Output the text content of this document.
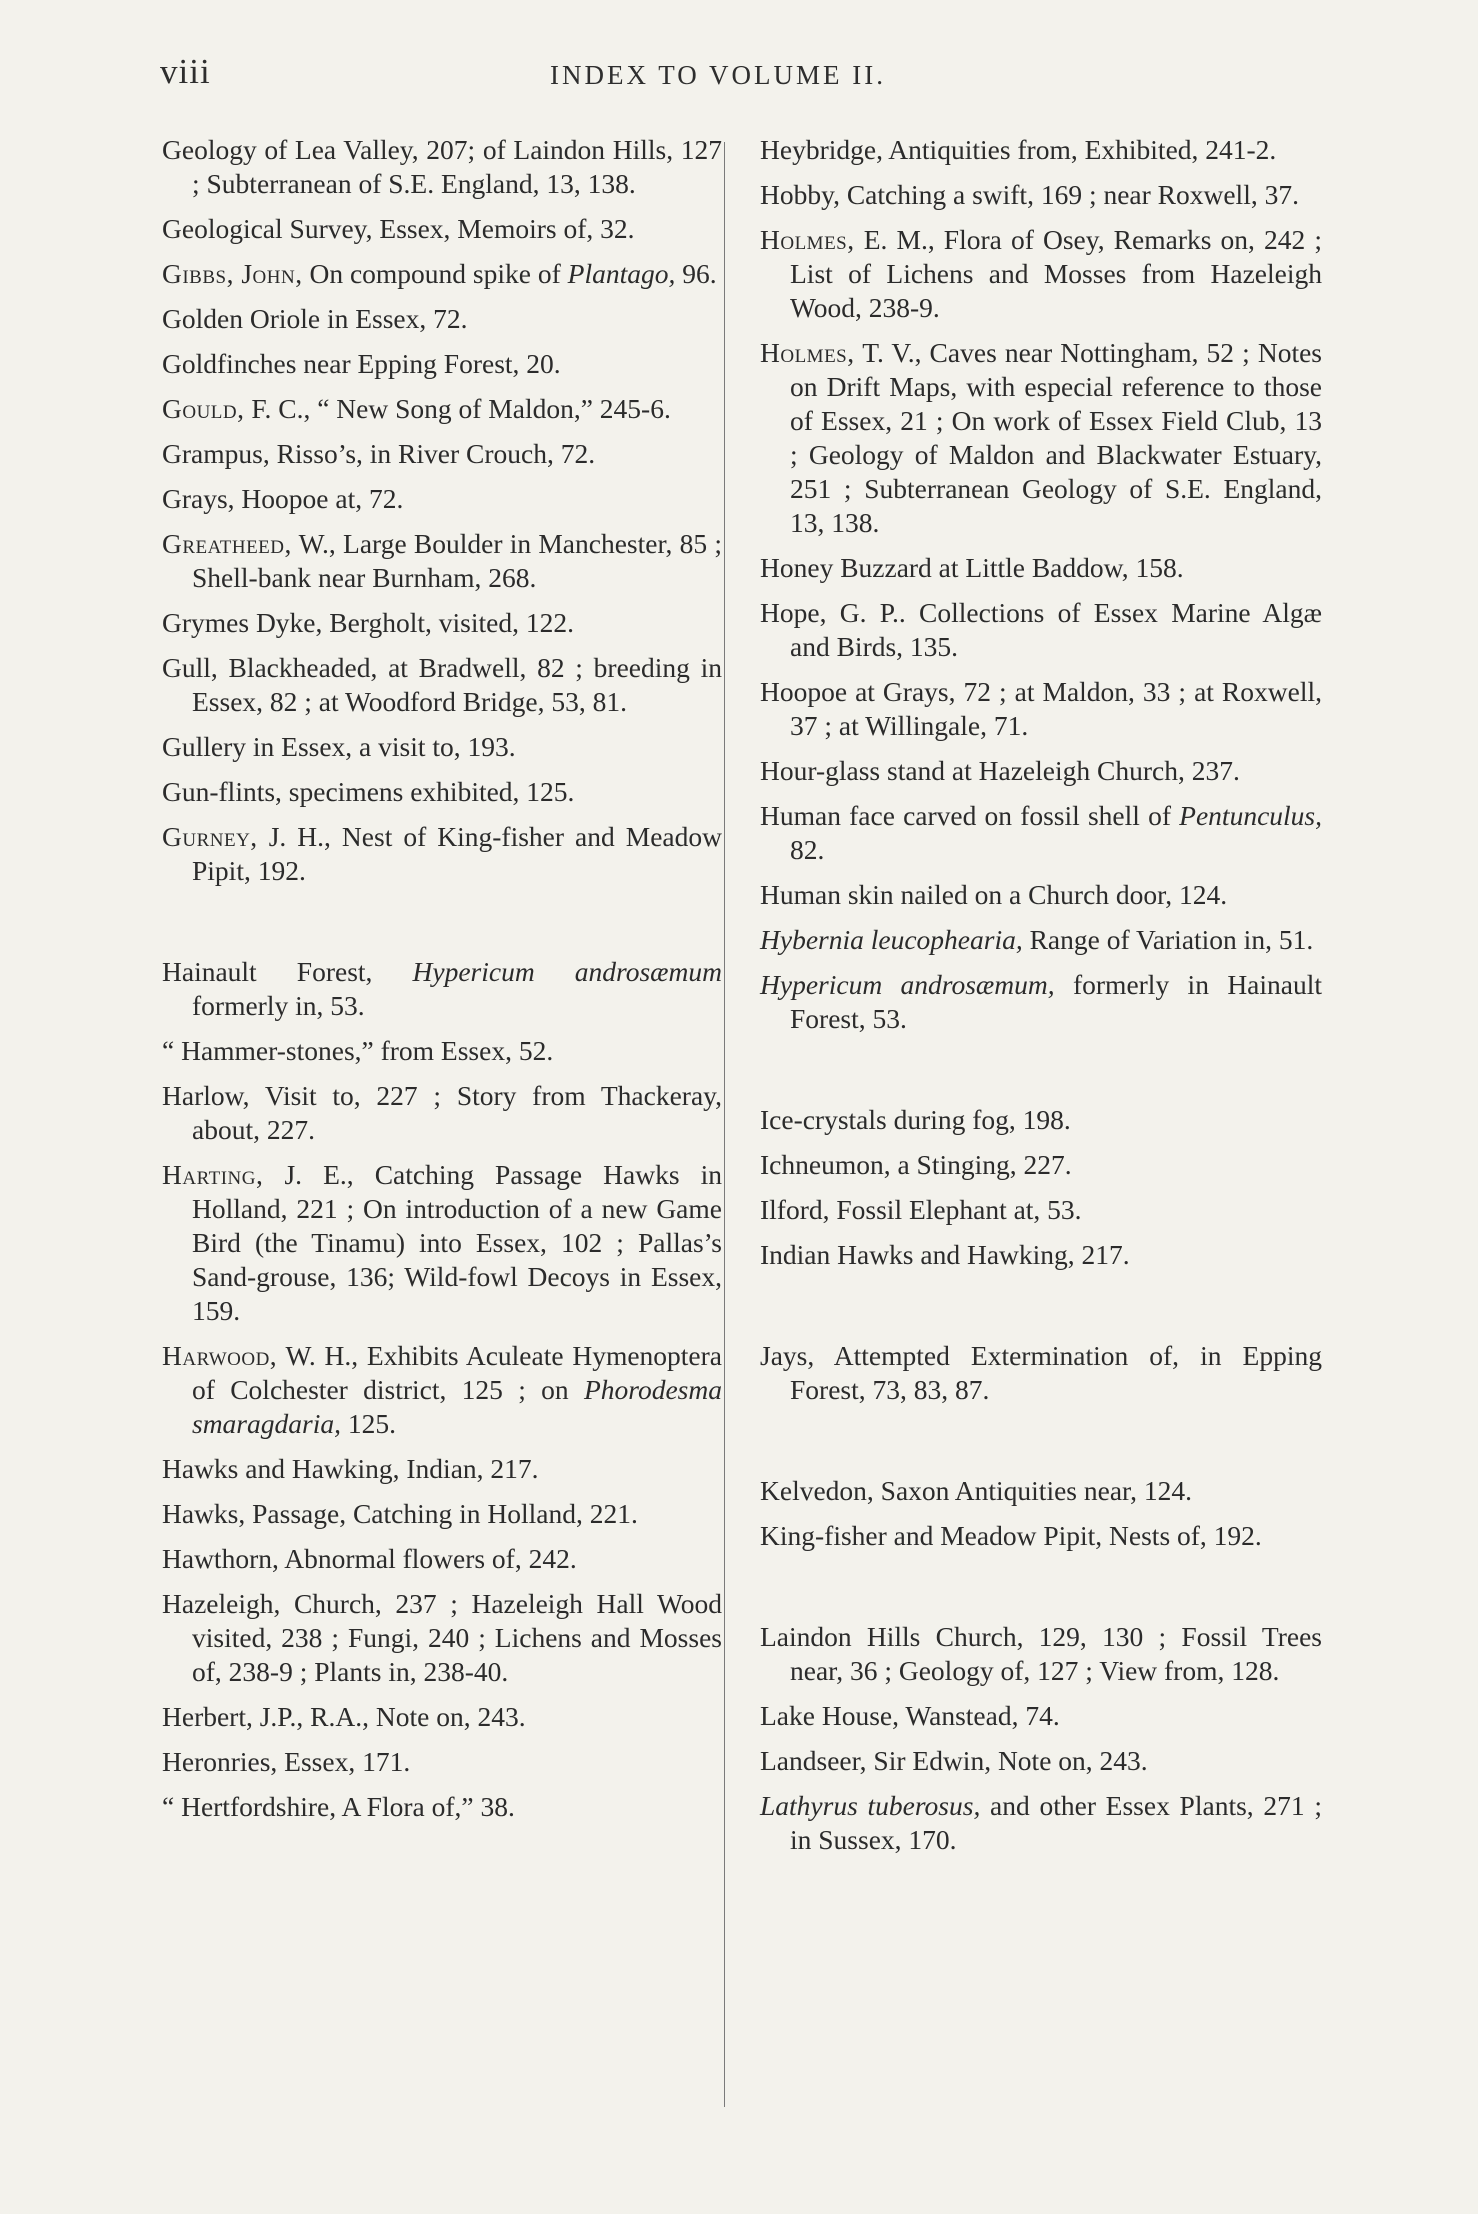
viii	INDEX TO VOLUME II.
Geology of Lea Valley, 207; of Laindon Hills, 127 ; Subterranean of S.E. England, 13, 138.
Geological Survey, Essex, Memoirs of, 32.
Gibbs, John, On compound spike of Plantago, 96.
Golden Oriole in Essex, 72.
Goldfinches near Epping Forest, 20.
Gould, F. C., “ New Song of Maldon,” 245-6.
Grampus, Risso’s, in River Crouch, 72.
Grays, Hoopoe at, 72.
Greatheed, W., Large Boulder in Manchester, 85 ; Shell-bank near Burnham, 268.
Grymes Dyke, Bergholt, visited, 122.
Gull, Blackheaded, at Bradwell, 82 ; breeding in Essex, 82 ; at Woodford Bridge, 53, 81.
Gullery in Essex, a visit to, 193.
Gun-flints, specimens exhibited, 125.
Gurney, J. H., Nest of King-fisher and Meadow Pipit, 192.
Hainault Forest, Hypericum androsæmum formerly in, 53.
“ Hammer-stones,” from Essex, 52.
Harlow, Visit to, 227 ; Story from Thackeray, about, 227.
Harting, J. E., Catching Passage Hawks in Holland, 221 ; On introduction of a new Game Bird (the Tinamu) into Essex, 102 ; Pallas’s Sand-grouse, 136; Wild-fowl Decoys in Essex, 159.
Harwood, W. H., Exhibits Aculeate Hymenoptera of Colchester district, 125 ; on Phorodesma smaragdaria, 125.
Hawks and Hawking, Indian, 217.
Hawks, Passage, Catching in Holland, 221.
Hawthorn, Abnormal flowers of, 242.
Hazeleigh, Church, 237 ; Hazeleigh Hall Wood visited, 238 ; Fungi, 240 ; Lichens and Mosses of, 238-9 ; Plants in, 238-40.
Herbert, J.P., R.A., Note on, 243.
Heronries, Essex, 171.
“ Hertfordshire, A Flora of,” 38.
Heybridge, Antiquities from, Exhibited, 241-2.
Hobby, Catching a swift, 169 ; near Roxwell, 37.
Holmes, E. M., Flora of Osey, Remarks on, 242 ; List of Lichens and Mosses from Hazeleigh Wood, 238-9.
Holmes, T. V., Caves near Nottingham, 52 ; Notes on Drift Maps, with especial reference to those of Essex, 21 ; On work of Essex Field Club, 13 ; Geology of Maldon and Blackwater Estuary, 251 ; Subterranean Geology of S.E. England, 13, 138.
Honey Buzzard at Little Baddow, 158.
Hope, G. P.. Collections of Essex Marine Algæ and Birds, 135.
Hoopoe at Grays, 72 ; at Maldon, 33 ; at Roxwell, 37 ; at Willingale, 71.
Hour-glass stand at Hazeleigh Church, 237.
Human face carved on fossil shell of Pentunculus, 82.
Human skin nailed on a Church door, 124.
Hybernia leucophearia, Range of Variation in, 51.
Hypericum androsæmum, formerly in Hainault Forest, 53.
Ice-crystals during fog, 198.
Ichneumon, a Stinging, 227.
Ilford, Fossil Elephant at, 53.
Indian Hawks and Hawking, 217.
Jays, Attempted Extermination of, in Epping Forest, 73, 83, 87.
Kelvedon, Saxon Antiquities near, 124.
King-fisher and Meadow Pipit, Nests of, 192.
Laindon Hills Church, 129, 130 ; Fossil Trees near, 36 ; Geology of, 127 ; View from, 128.
Lake House, Wanstead, 74.
Landseer, Sir Edwin, Note on, 243.
Lathyrus tuberosus, and other Essex Plants, 271 ; in Sussex, 170.
